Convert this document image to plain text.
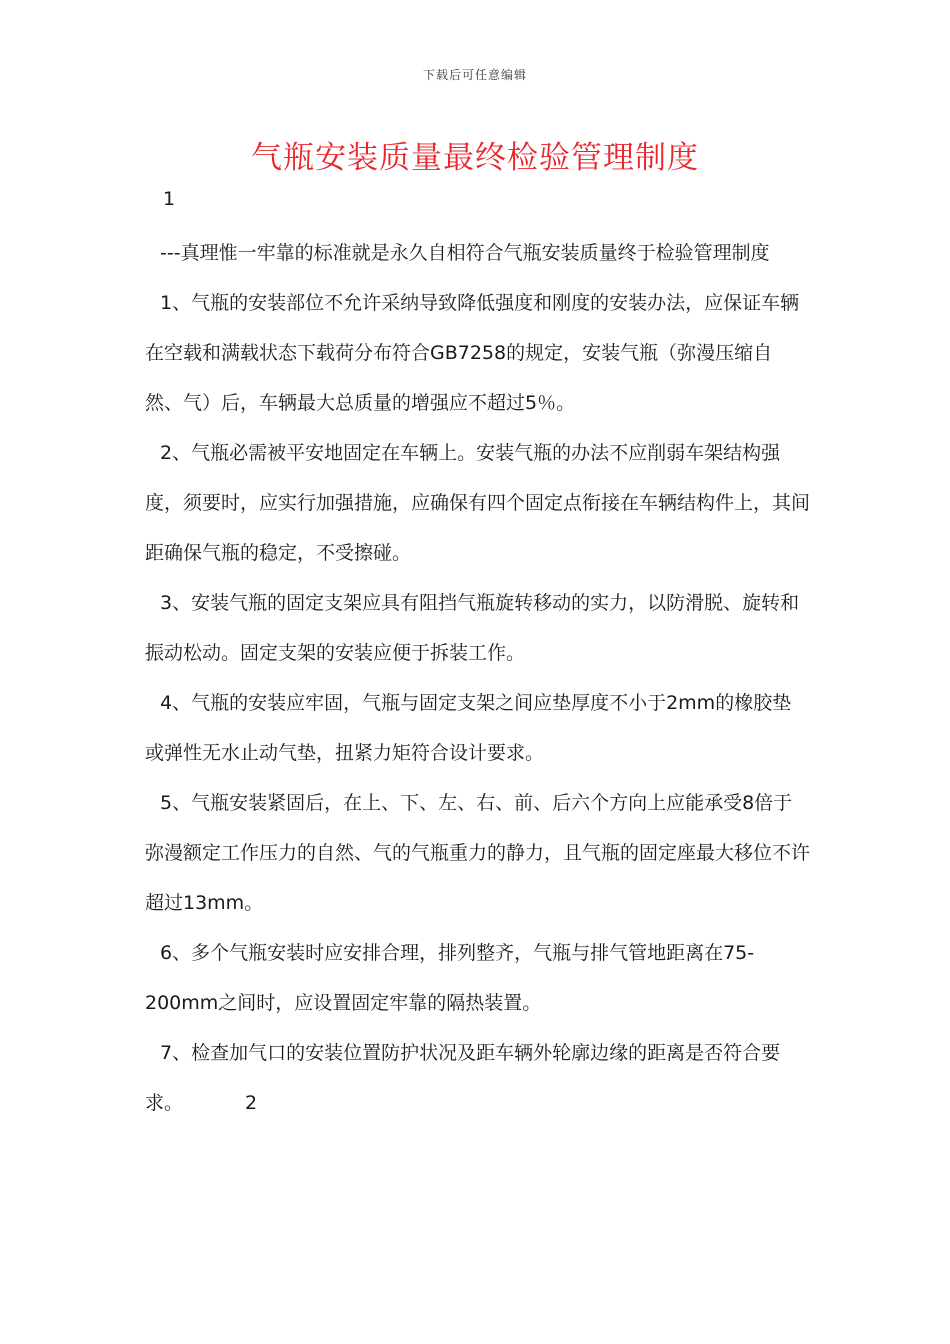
下载后可任意编辑
气瓶安装质量最终检验管理制度
1

---真理惟一牢靠的标准就是永久自相符合气瓶安装质量终于检验管理制度

1、气瓶的安装部位不允许采纳导致降低强度和刚度的安装办法，应保证车辆在空载和满载状态下载荷分布符合GB7258的规定，安装气瓶（弥漫压缩自然、气）后，车辆最大总质量的增强应不超过5％。

2、气瓶必需被平安地固定在车辆上。安装气瓶的办法不应削弱车架结构强度，须要时，应实行加强措施，应确保有四个固定点衔接在车辆结构件上，其间距确保气瓶的稳定，不受擦碰。

3、安装气瓶的固定支架应具有阻挡气瓶旋转移动的实力，以防滑脱、旋转和振动松动。固定支架的安装应便于拆装工作。

4、气瓶的安装应牢固，气瓶与固定支架之间应垫厚度不小于2mm的橡胶垫或弹性无水止动气垫，扭紧力矩符合设计要求。

5、气瓶安装紧固后，在上、下、左、右、前、后六个方向上应能承受8倍于弥漫额定工作压力的自然、气的气瓶重力的静力，且气瓶的固定座最大移位不许超过13mm。

6、多个气瓶安装时应安排合理，排列整齐，气瓶与排气管地距离在75-200mm之间时，应设置固定牢靠的隔热装置。

7、检查加气口的安装位置防护状况及距车辆外轮廓边缘的距离是否符合要求。	2
